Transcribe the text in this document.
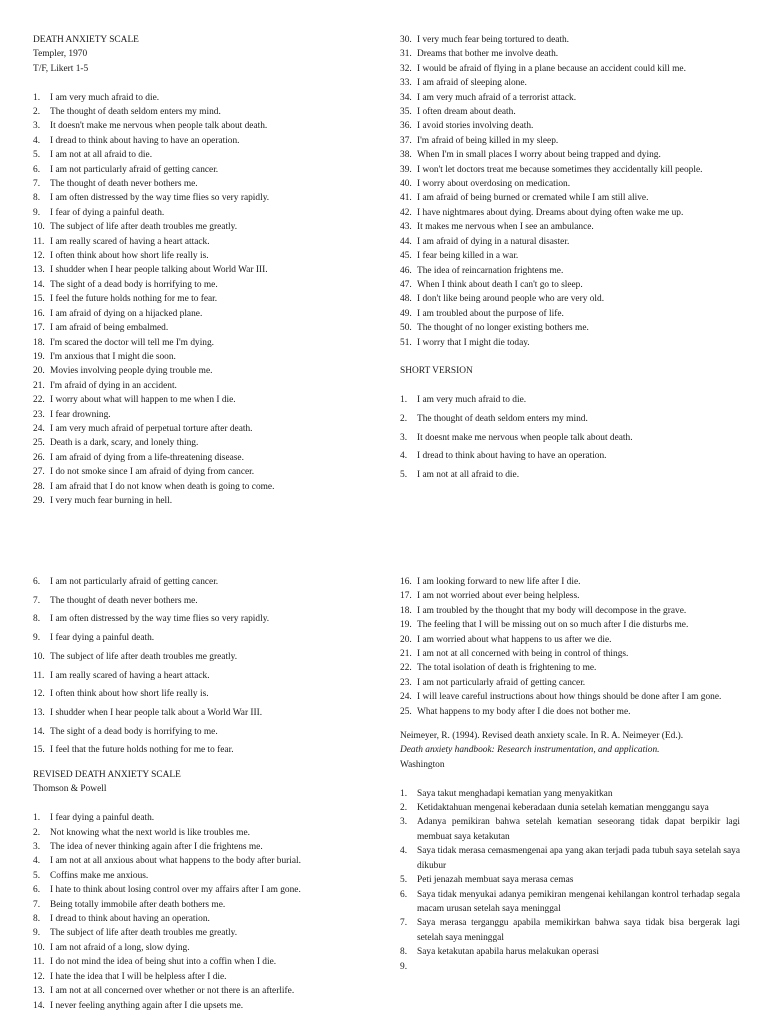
DEATH ANXIETY SCALE

Templer, 1970

T/F, Likert 1-5

1.	I am very much afraid to die.
2.	The thought of death seldom enters my mind.
3.	It doesn't make me nervous when people talk about death.
4.	I dread to think about having to have an operation.
5.	I am not at all afraid to die.
6.	I am not particularly afraid of getting cancer.
7.	The thought of death never bothers me.
8.	I am often distressed by the way time flies so very rapidly.
9.	I fear of dying a painful death.
10. The subject of life after death troubles me greatly.
11. I am really scared of having a heart attack.
12. I often think about how short life really is.
13. I shudder when I hear people talking about World War III.
14. The sight of a dead body is horrifying to me.
15. I feel the future holds nothing for me to fear.
16. I am afraid of dying on a hijacked plane.
17. I am afraid of being embalmed.
18. I'm scared the doctor will tell me I'm dying.
19. I'm anxious that I might die soon.
20. Movies involving people dying trouble me.
21. I'm afraid of dying in an accident.
22. I worry about what will happen to me when I die.
23. I fear drowning.
24. I am very much afraid of perpetual torture after death.
25. Death is a dark, scary, and lonely thing.
26. I am afraid of dying from a life-threatening disease.
27. I do not smoke since I am afraid of dying from cancer.
28. I am afraid that I do not know when death is going to come.
29. I very much fear burning in hell.
30. I very much fear being tortured to death.
31. Dreams that bother me involve death.
32. I would be afraid of flying in a plane because an accident could kill me.
33. I am afraid of sleeping alone.
34. I am very much afraid of a terrorist attack.
35. I often dream about death.
36. I avoid stories involving death.
37. I'm afraid of being killed in my sleep.
38. When I'm in small places I worry about being trapped and dying.
39. I won't let doctors treat me because sometimes they accidentally kill people.
40. I worry about overdosing on medication.
41. I am afraid of being burned or cremated while I am still alive.
42. I have nightmares about dying. Dreams about dying often wake me up.
43. It makes me nervous when I see an ambulance.
44. I am afraid of dying in a natural disaster.
45. I fear being killed in a war.
46. The idea of reincarnation frightens me.
47. When I think about death I can't go to sleep.
48. I don't like being around people who are very old.
49. I am troubled about the purpose of life.
50. The thought of no longer existing bothers me.
51. I worry that I might die today.

SHORT VERSION

1.	I am very much afraid to die.
2.	The thought of death seldom enters my mind.
3.	It doesnt make me nervous when people talk about death.
4.	I dread to think about having to have an operation.
5.	I am not at all afraid to die.
6.	I am not particularly afraid of getting cancer.
7.	The thought of death never bothers me.
8.	I am often distressed by the way time flies so very rapidly.
9.	I fear dying a painful death.
10. The subject of life after death troubles me greatly.
11. I am really scared of having a heart attack.
12. I often think about how short life really is.
13. I shudder when I hear people talk about a World War III.
14. The sight of a dead body is horrifying to me.
15. I feel that the future holds nothing for me to fear.

REVISED DEATH ANXIETY SCALE

Thomson & Powell

1.	I fear dying a painful death.
2.	Not knowing what the next world is like troubles me.
3.	The idea of never thinking again after I die frightens me.
4.	I am not at all anxious about what happens to the body after burial.
5.	Coffins make me anxious.
6.	I hate to think about losing control over my affairs after I am gone.
7.	Being totally immobile after death bothers me.
8.	I dread to think about having an operation.
9.	The subject of life after death troubles me greatly.
10. I am not afraid of a long, slow dying.
11. I do not mind the idea of being shut into a coffin when I die.
12. I hate the idea that I will be helpless after I die.
13. I am not at all concerned over whether or not there is an afterlife.
14. I never feeling anything again after I die upsets me.
16. I am looking forward to new life after I die.
17. I am not worried about ever being helpless.
18. I am troubled by the thought that my body will decompose in the grave.
19. The feeling that I will be missing out on so much after I die disturbs me.
20. I am worried about what happens to us after we die.
21. I am not at all concerned with being in control of things.
22. The total isolation of death is frightening to me.
23. I am not particularly afraid of getting cancer.
24. I will leave careful instructions about how things should be done after I am gone.
25. What happens to my body after I die does not bother me.

Neimeyer, R. (1994). Revised death anxiety scale. In R. A. Neimeyer (Ed.).
Death anxiety handbook: Research instrumentation, and application.
Washington

1.	Saya takut menghadapi kematian yang menyakitkan
2.	Ketidaktahuan mengenai keberadaan dunia setelah kematian menggangu saya
3.	Adanya pemikiran bahwa setelah kematian seseorang tidak dapat berpikir lagi membuat saya ketakutan
4.	Saya tidak merasa cemasmengenai apa yang akan terjadi pada tubuh saya setelah saya dikubur
5.	Peti jenazah membuat saya merasa cemas
6.	Saya tidak menyukai adanya pemikiran mengenai kehilangan kontrol terhadap segala macam urusan setelah saya meninggal
7.	Saya merasa terganggu apabila memikirkan bahwa saya tidak bisa bergerak lagi setelah saya meninggal
8.	Saya ketakutan apabila harus melakukan operasi
9.
